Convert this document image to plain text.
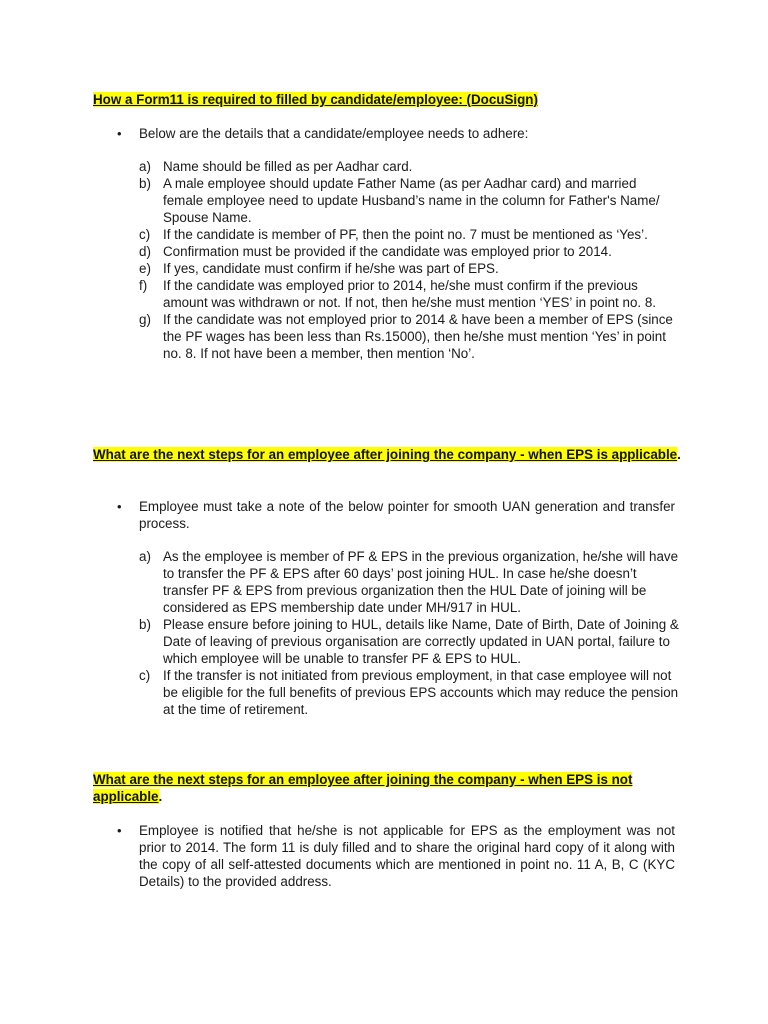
How a Form11 is required to filled by candidate/employee: (DocuSign)
• Below are the details that a candidate/employee needs to adhere:
a) Name should be filled as per Aadhar card.
b) A male employee should update Father Name (as per Aadhar card) and married female employee need to update Husband’s name in the column for Father's Name/ Spouse Name.
c) If the candidate is member of PF, then the point no. 7 must be mentioned as ‘Yes’.
d) Confirmation must be provided if the candidate was employed prior to 2014.
e) If yes, candidate must confirm if he/she was part of EPS.
f) If the candidate was employed prior to 2014, he/she must confirm if the previous amount was withdrawn or not. If not, then he/she must mention ‘YES’ in point no. 8.
g) If the candidate was not employed prior to 2014 & have been a member of EPS (since the PF wages has been less than Rs.15000), then he/she must mention ‘Yes’ in point no. 8. If not have been a member, then mention ‘No’.
What are the next steps for an employee after joining the company - when EPS is applicable.
• Employee must take a note of the below pointer for smooth UAN generation and transfer process.
a) As the employee is member of PF & EPS in the previous organization, he/she will have to transfer the PF & EPS after 60 days’ post joining HUL. In case he/she doesn’t transfer PF & EPS from previous organization then the HUL Date of joining will be considered as EPS membership date under MH/917 in HUL.
b) Please ensure before joining to HUL, details like Name, Date of Birth, Date of Joining & Date of leaving of previous organisation are correctly updated in UAN portal, failure to which employee will be unable to transfer PF & EPS to HUL.
c) If the transfer is not initiated from previous employment, in that case employee will not be eligible for the full benefits of previous EPS accounts which may reduce the pension at the time of retirement.
What are the next steps for an employee after joining the company - when EPS is not applicable.
• Employee is notified that he/she is not applicable for EPS as the employment was not prior to 2014. The form 11 is duly filled and to share the original hard copy of it along with the copy of all self-attested documents which are mentioned in point no. 11 A, B, C (KYC Details) to the provided address.
